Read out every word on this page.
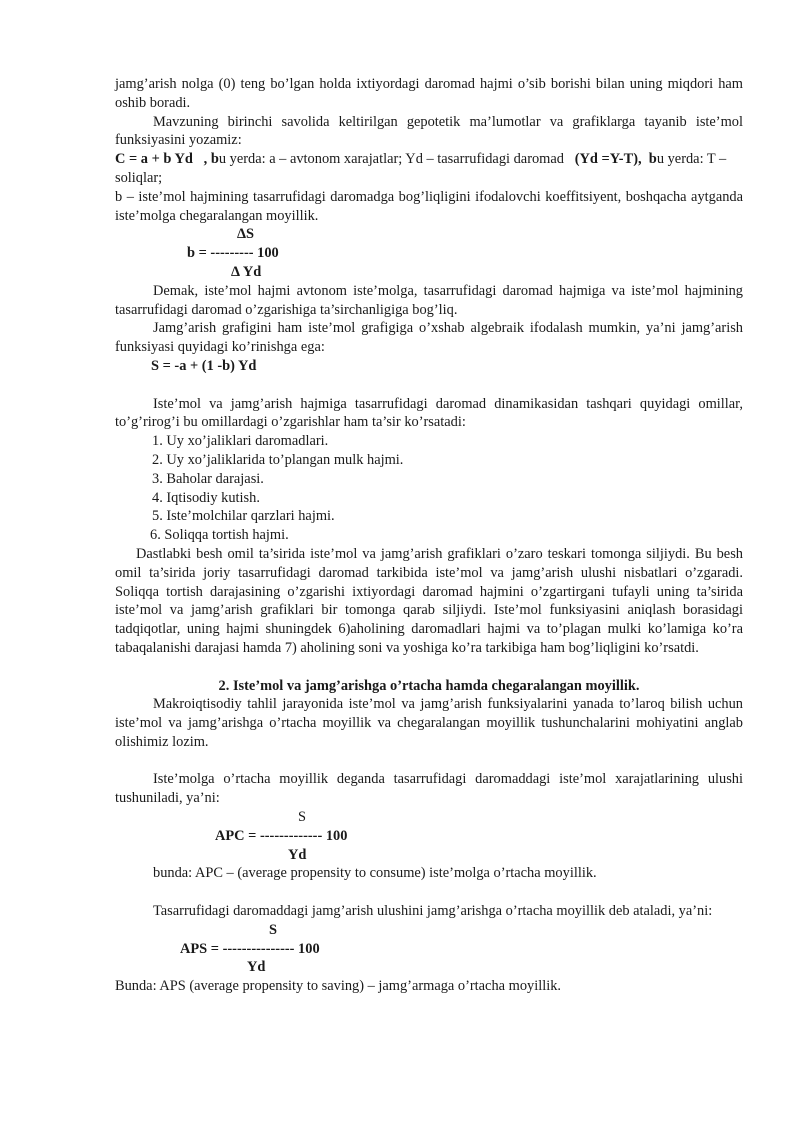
jamg’arish nolga (0) teng bo’lgan holda ixtiyordagi daromad hajmi o’sib borishi bilan uning miqdori ham oshib boradi.

Mavzuning birinchi savolida keltirilgan gepotetik ma’lumotlar va grafiklarga tayanib iste’mol funksiyasini yozamiz:

C = a + b Yd , bu yerda: a – avtonom xarajatlar; Yd – tasarrufidagi daromad (Yd =Y-T), bu yerda: T – soliqlar;

b – iste’mol hajmining tasarrufidagi daromadga bog’liqligini ifodalovchi koeffitsiyent, boshqacha aytganda iste’molga chegaralangan moyillik.

ΔS
b = --------- 100
Δ Yd

Demak, iste’mol hajmi avtonom iste’molga, tasarrufidagi daromad hajmiga va iste’mol hajmining tasarrufidagi daromad o’zgarishiga ta’sirchanligiga bog’liq.

Jamg’arish grafigini ham iste’mol grafigiga o’xshab algebraik ifodalash mumkin, ya’ni jamg’arish funksiyasi quyidagi ko’rinishga ega:

S = -a + (1 -b) Yd

Iste’mol va jamg’arish hajmiga tasarrufidagi daromad dinamikasidan tashqari quyidagi omillar, to’g’rirog’i bu omillardagi o’zgarishlar ham ta’sir ko’rsatadi:

1. Uy xo’jaliklari daromadlari.
2. Uy xo’jaliklarida to’plangan mulk hajmi.
3. Baholar darajasi.
4. Iqtisodiy kutish.
5. Iste’molchilar qarzlari hajmi.
6. Soliqqa tortish hajmi.

Dastlabki besh omil ta’sirida iste’mol va jamg’arish grafiklari o’zaro teskari tomonga siljiydi. Bu besh omil ta’sirida joriy tasarrufidagi daromad tarkibida iste’mol va jamg’arish ulushi nisbatlari o’zgaradi. Soliqqa tortish darajasining o’zgarishi ixtiyordagi daromad hajmini o’zgartirgani tufayli uning ta’sirida iste’mol va jamg’arish grafiklari bir tomonga qarab siljiydi. Iste’mol funksiyasini aniqlash borasidagi tadqiqotlar, uning hajmi shuningdek 6)aholining daromadlari hajmi va to’plagan mulki ko’lamiga ko’ra tabaqalanishi darajasi hamda 7) aholining soni va yoshiga ko’ra tarkibiga ham bog’liqligini ko’rsatdi.

2. Iste’mol va jamg’arishga o’rtacha hamda chegaralangan moyillik.

Makroiqtisodiy tahlil jarayonida iste’mol va jamg’arish funksiyalarini yanada to’laroq bilish uchun iste’mol va jamg’arishga o’rtacha moyillik va chegaralangan moyillik tushunchalarini mohiyatini anglab olishimiz lozim.

Iste’molga o’rtacha moyillik deganda tasarrufidagi daromaddagi iste’mol xarajatlarining ulushi tushuniladi, ya’ni:

S
APC = ------------- 100
Yd

bunda: APC – (average propensity to consume) iste’molga o’rtacha moyillik.

Tasarrufidagi daromaddagi jamg’arish ulushini jamg’arishga o’rtacha moyillik deb ataladi, ya’ni:

S
APS = --------------- 100
Yd

Bunda: APS (average propensity to saving) – jamg’armaga o’rtacha moyillik.
